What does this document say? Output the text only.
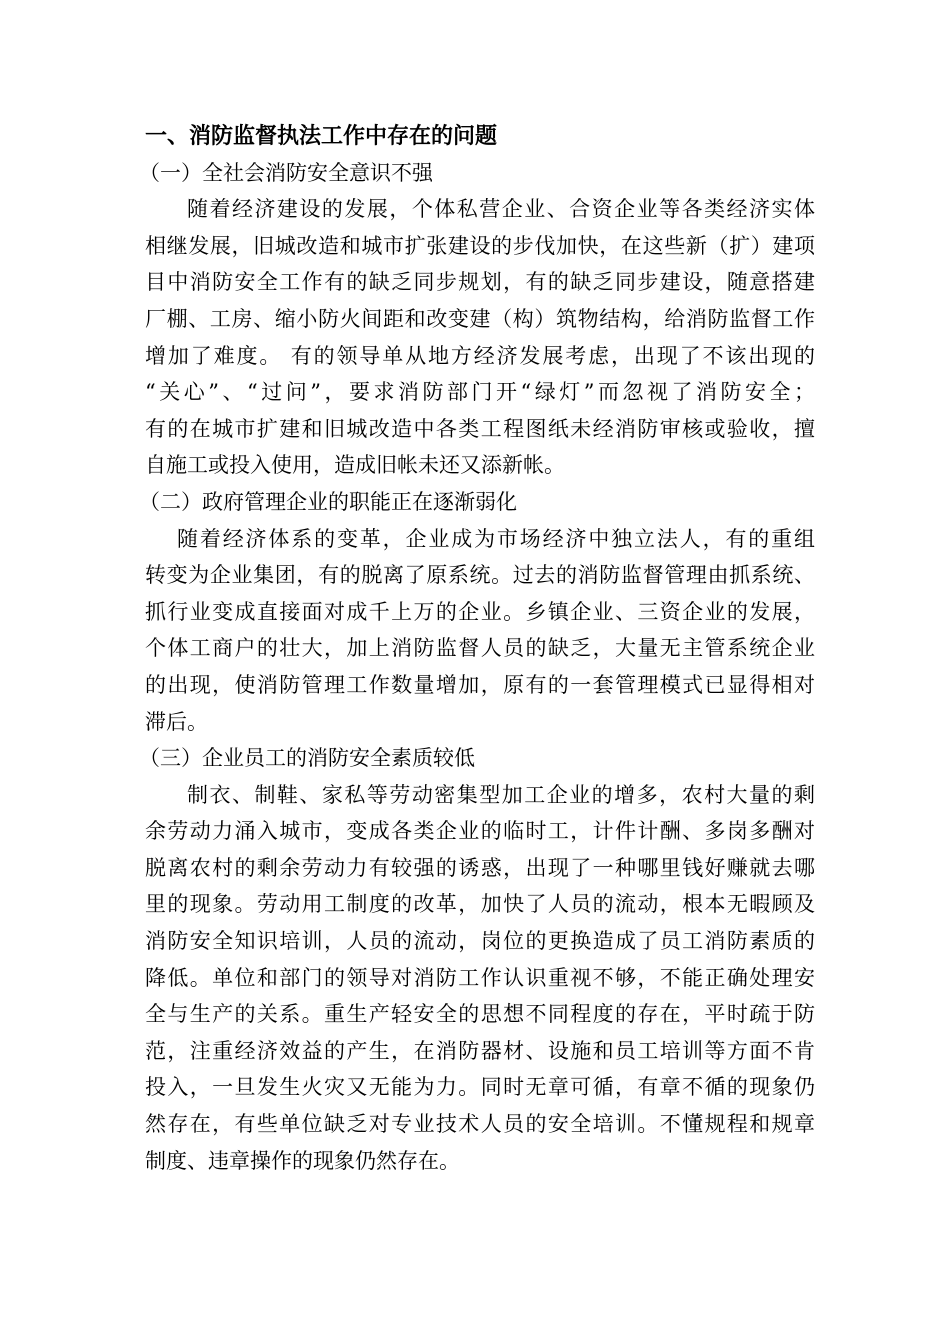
一、消防监督执法工作中存在的问题
（一）全社会消防安全意识不强
随着经济建设的发展，个体私营企业、合资企业等各类经济实体
相继发展，旧城改造和城市扩张建设的步伐加快，在这些新（扩）建项
目中消防安全工作有的缺乏同步规划，有的缺乏同步建设，随意搭建
厂棚、工房、缩小防火间距和改变建（构）筑物结构，给消防监督工作
增加了难度。 有的领导单从地方经济发展考虑，出现了不该出现的
“关心”、“过问”，要求消防部门开“绿灯”而忽视了消防安全；
有的在城市扩建和旧城改造中各类工程图纸未经消防审核或验收，擅
自施工或投入使用，造成旧帐未还又添新帐。
（二）政府管理企业的职能正在逐渐弱化
随着经济体系的变革，企业成为市场经济中独立法人，有的重组
转变为企业集团，有的脱离了原系统。过去的消防监督管理由抓系统、
抓行业变成直接面对成千上万的企业。乡镇企业、三资企业的发展，
个体工商户的壮大，加上消防监督人员的缺乏，大量无主管系统企业
的出现，使消防管理工作数量增加，原有的一套管理模式已显得相对
滞后。
（三）企业员工的消防安全素质较低
制衣、制鞋、家私等劳动密集型加工企业的增多，农村大量的剩
余劳动力涌入城市，变成各类企业的临时工，计件计酬、多岗多酬对
脱离农村的剩余劳动力有较强的诱惑，出现了一种哪里钱好赚就去哪
里的现象。劳动用工制度的改革，加快了人员的流动，根本无暇顾及
消防安全知识培训，人员的流动，岗位的更换造成了员工消防素质的
降低。单位和部门的领导对消防工作认识重视不够，不能正确处理安
全与生产的关系。重生产轻安全的思想不同程度的存在，平时疏于防
范，注重经济效益的产生，在消防器材、设施和员工培训等方面不肯
投入，一旦发生火灾又无能为力。同时无章可循，有章不循的现象仍
然存在，有些单位缺乏对专业技术人员的安全培训。不懂规程和规章
制度、违章操作的现象仍然存在。
